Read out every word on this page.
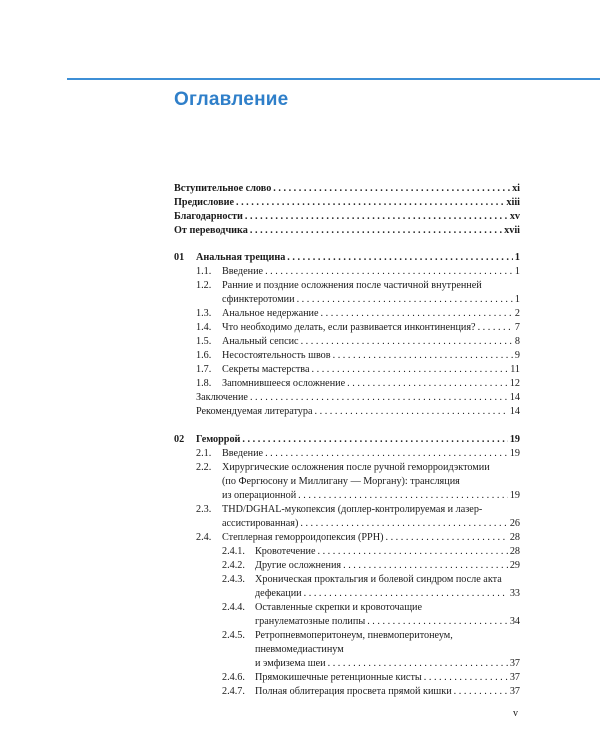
Оглавление
Вступительное слово . . .	xi
Предисловие . . .	xiii
Благодарности . . .	xv
От переводчика . . .	xvii
01 Анальная трещина . . .	1
1.1. Введение . . .	1
1.2. Ранние и поздние осложнения после частичной внутренней
сфинктеротомии . . .	1
1.3. Анальное недержание . . .	2
1.4. Что необходимо делать, если развивается инконтиненция? . . .	7
1.5. Анальный сепсис . . .	8
1.6. Несостоятельность швов . . .	9
1.7. Секреты мастерства . . .	11
1.8. Запомнившееся осложнение . . .	12
Заключение . . .	14
Рекомендуемая литература . . .	14
02 Геморрой . . .	19
2.1. Введение . . .	19
2.2. Хирургические осложнения после ручной геморроидэктомии
(по Фергюсону и Миллигану — Моргану): трансляция
из операционной . . .	19
2.3. THD/DGHAL-мукопексия (доплер-контролируемая и лазер-
ассистированная) . . .	26
2.4. Степлерная геморроидопексия (PPH) . . .	28
2.4.1. Кровотечение . . .	28
2.4.2. Другие осложнения . . .	29
2.4.3. Хроническая проктальгия и болевой синдром после акта
дефекации . . .	33
2.4.4. Оставленные скрепки и кровоточащие
гранулематозные полипы . . .	34
2.4.5. Ретропневмоперитонеум, пневмоперитонеум,
пневмомедиастинум
и эмфизема шеи . . .	37
2.4.6. Прямокишечные ретенционные кисты . . .	37
2.4.7. Полная облитерация просвета прямой кишки . . .	37
v
